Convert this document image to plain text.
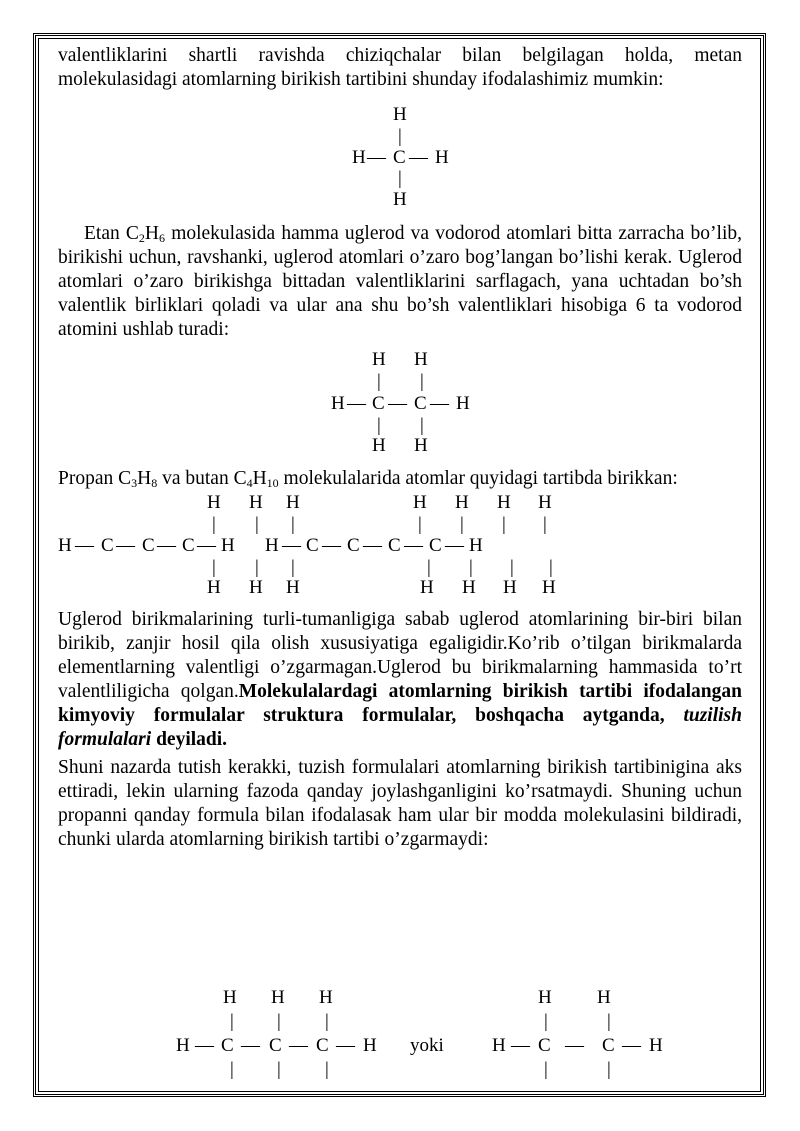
valentliklarini shartli ravishda chiziqchalar bilan belgilagan holda, metan molekulasidagi atomlarning birikish tartibini shunday ifodalashimiz mumkin:

H
|
H — C — H
|
H

Etan $C_2H_6$ molekulasida hamma uglerod va vodorod atomlari bitta zarracha bo’lib, birikishi uchun, ravshanki, uglerod atomlari o’zaro bog’langan bo’lishi kerak. Uglerod atomlari o’zaro birikishga bittadan valentliklarini sarflagach, yana uchtadan bo’sh valentlik birliklari qoladi va ular ana shu bo’sh valentliklari hisobiga 6 ta vodorod atomini ushlab turadi:

H H
| |
H — C — C — H
| |
H H

Propan $C_3H_8$ va butan $C_4H_{10}$ molekulalarida atomlar quyidagi tartibda birikkan:

H H H
| | |
H — C — C — C — H
| | |
H H H
H H H H
| | | |
H — C — C — C — C — H
| | | |
H H H H

Uglerod birikmalarining turli-tumanligiga sabab uglerod atomlarining bir-biri bilan birikib, zanjir hosil qila olish xususiyatiga egaligidir.Ko’rib o’tilgan birikmalarda elementlarning valentligi o’zgarmagan.Uglerod bu birikmalarning hammasida to’rt valentliligicha qolgan.Molekulalardagi atomlarning birikish tartibi ifodalangan kimyoviy formulalar struktura formulalar, boshqacha aytganda, tuzilish formulalari deyiladi.

Shuni nazarda tutish kerakki, tuzish formulalari atomlarning birikish tartibinigina aks ettiradi, lekin ularning fazoda qanday joylashganligini ko’rsatmaydi. Shuning uchun propanni qanday formula bilan ifodalasak ham ular bir modda molekulasini bildiradi, chunki ularda atomlarning birikish tartibi o’zgarmaydi:

H H H
| | |
H — C — C — C — H
| | |
yoki
H H
|	|
H — C — C — H
|	|
